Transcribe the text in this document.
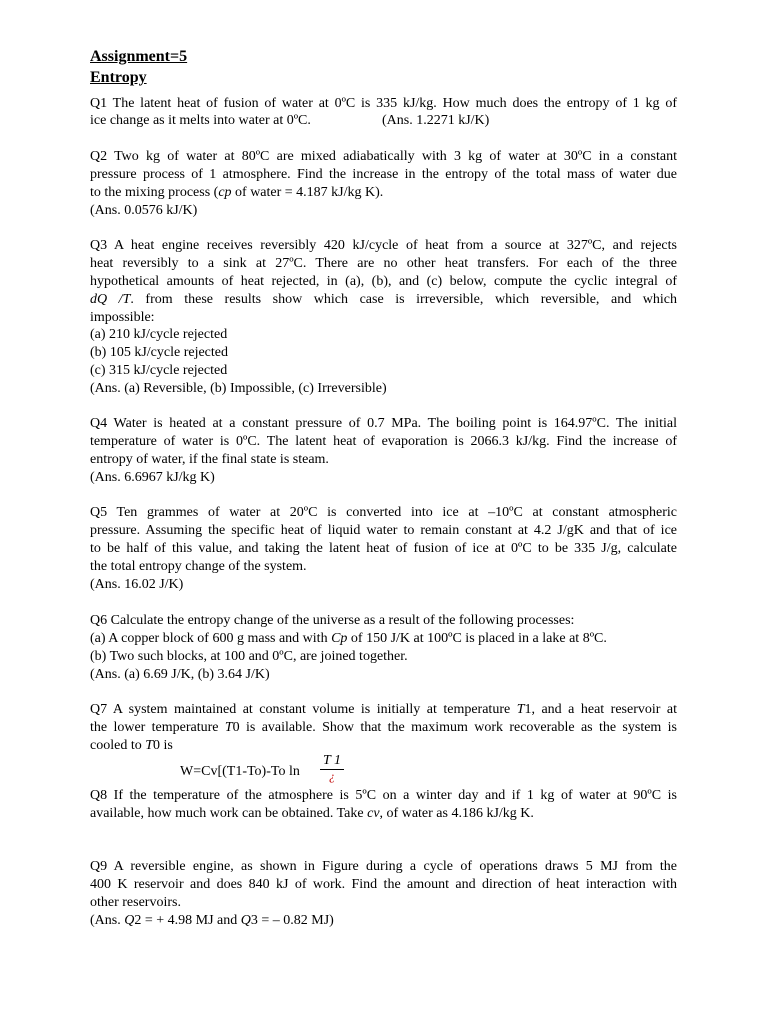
Assignment=5
Entropy
Q1 The latent heat of fusion of water at 0ºC is 335 kJ/kg. How much does the entropy of 1 kg of
ice change as it melts into water at 0ºC.	(Ans. 1.2271 kJ/K)
Q2 Two kg of water at 80ºC are mixed adiabatically with 3 kg of water at 30ºC in a constant
pressure process of 1 atmosphere. Find the increase in the entropy of the total mass of water due
to the mixing process (cp of water = 4.187 kJ/kg K).
(Ans. 0.0576 kJ/K)
Q3 A heat engine receives reversibly 420 kJ/cycle of heat from a source at 327ºC, and rejects
heat reversibly to a sink at 27ºC. There are no other heat transfers. For each of the three
hypothetical amounts of heat rejected, in (a), (b), and (c) below, compute the cyclic integral of
dQ /T. from these results show which case is irreversible, which reversible, and which
impossible:
(a) 210 kJ/cycle rejected
(b) 105 kJ/cycle rejected
(c) 315 kJ/cycle rejected
(Ans. (a) Reversible, (b) Impossible, (c) Irreversible)
Q4 Water is heated at a constant pressure of 0.7 MPa. The boiling point is 164.97ºC. The initial
temperature of water is 0ºC. The latent heat of evaporation is 2066.3 kJ/kg. Find the increase of
entropy of water, if the final state is steam.
(Ans. 6.6967 kJ/kg K)
Q5 Ten grammes of water at 20ºC is converted into ice at –10ºC at constant atmospheric
pressure. Assuming the specific heat of liquid water to remain constant at 4.2 J/gK and that of ice
to be half of this value, and taking the latent heat of fusion of ice at 0ºC to be 335 J/g, calculate
the total entropy change of the system.
(Ans. 16.02 J/K)
Q6 Calculate the entropy change of the universe as a result of the following processes:
(a) A copper block of 600 g mass and with Cp of 150 J/K at 100ºC is placed in a lake at 8ºC.
(b) Two such blocks, at 100 and 0ºC, are joined together.
(Ans. (a) 6.69 J/K, (b) 3.64 J/K)
Q7 A system maintained at constant volume is initially at temperature T1, and a heat reservoir at
the lower temperature T0 is available. Show that the maximum work recoverable as the system is
cooled to T0 is
W=Cv[(T1-To)-To ln
T 1
¿
Q8 If the temperature of the atmosphere is 5ºC on a winter day and if 1 kg of water at 90ºC is
available, how much work can be obtained. Take cv, of water as 4.186 kJ/kg K.
Q9 A reversible engine, as shown in Figure during a cycle of operations draws 5 MJ from the
400 K reservoir and does 840 kJ of work. Find the amount and direction of heat interaction with
other reservoirs.
(Ans. Q2 = + 4.98 MJ and Q3 = – 0.82 MJ)
